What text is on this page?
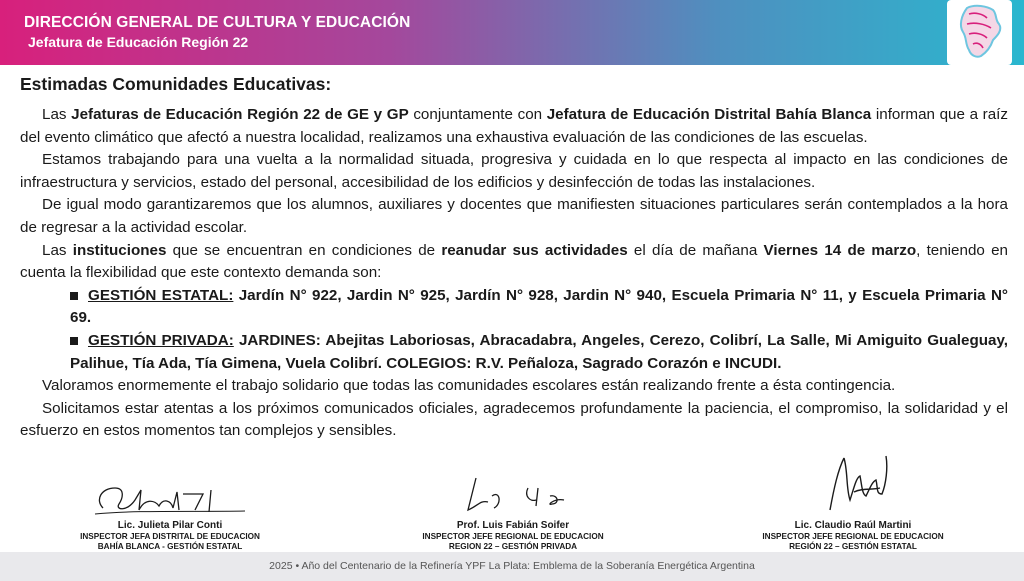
DIRECCIÓN GENERAL DE CULTURA Y EDUCACIÓN
Jefatura de Educación Región 22
Estimadas Comunidades Educativas:

Las Jefaturas de Educación Región 22 de GE y GP conjuntamente con Jefatura de Educación Distrital Bahía Blanca informan que a raíz del evento climático que afectó a nuestra localidad, realizamos una exhaustiva evaluación de las condiciones de las escuelas.

Estamos trabajando para una vuelta a la normalidad situada, progresiva y cuidada en lo que respecta al impacto en las condiciones de infraestructura y servicios, estado del personal, accesibilidad de los edificios y desinfección de todas las instalaciones.

De igual modo garantizaremos que los alumnos, auxiliares y docentes que manifiesten situaciones particulares serán contemplados a la hora de regresar a la actividad escolar.

Las instituciones que se encuentran en condiciones de reanudar sus actividades el día de mañana Viernes 14 de marzo, teniendo en cuenta la flexibilidad que este contexto demanda son:

GESTIÓN ESTATAL: Jardín N° 922, Jardin N° 925, Jardín N° 928, Jardin N° 940, Escuela Primaria N° 11, y Escuela Primaria N° 69.

GESTIÓN PRIVADA: JARDINES: Abejitas Laboriosas, Abracadabra, Angeles, Cerezo, Colibrí, La Salle, Mi Amiguito Gualeguay, Palihue, Tía Ada, Tía Gimena, Vuela Colibrí. COLEGIOS: R.V. Peñaloza, Sagrado Corazón e INCUDI.

Valoramos enormemente el trabajo solidario que todas las comunidades escolares están realizando frente a ésta contingencia.

Solicitamos estar atentas a los próximos comunicados oficiales, agradecemos profundamente la paciencia, el compromiso, la solidaridad y el esfuerzo en estos momentos tan complejos y sensibles.

Lic. Julieta Pilar Conti
INSPECTOR JEFA DISTRITAL DE EDUCACION
BAHÍA BLANCA - GESTIÓN ESTATAL
Prof. Luis Fabián Soifer
INSPECTOR JEFE REGIONAL DE EDUCACION
REGION 22 – GESTIÓN PRIVADA
Lic. Claudio Raúl Martini
INSPECTOR JEFE REGIONAL DE EDUCACION
REGIÓN 22 – GESTIÓN ESTATAL
2025 • Año del Centenario de la Refinería YPF La Plata: Emblema de la Soberanía Energética Argentina
